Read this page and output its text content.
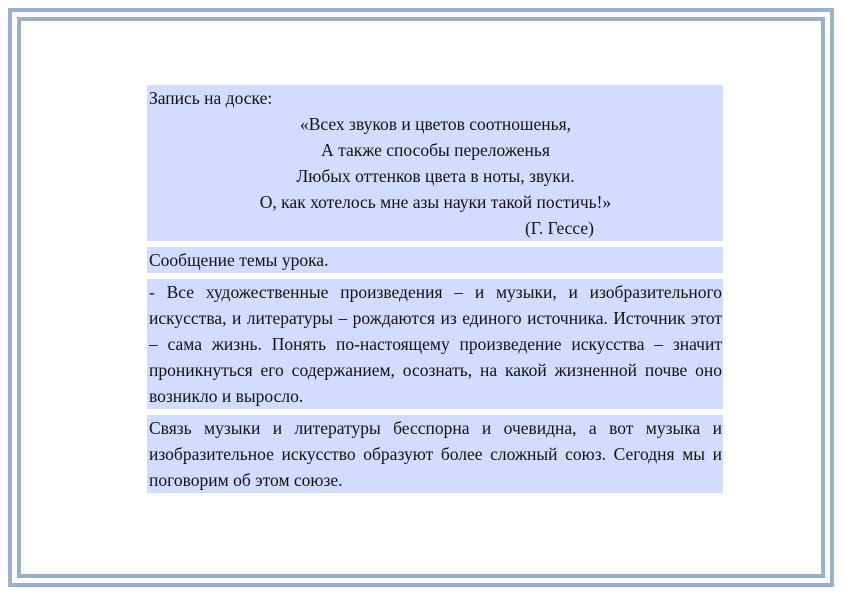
Запись на доске:
«Всех звуков и цветов соотношенья,
А также способы переложенья
Любых оттенков цвета в ноты, звуки.
О, как хотелось мне азы науки такой постичь!»
(Г. Гессе)
Сообщение темы урока.
- Все художественные произведения – и музыки, и изобразительного искусства, и литературы – рождаются из единого источника. Источник этот – сама жизнь. Понять по-настоящему произведение искусства – значит проникнуться его содержанием, осознать, на какой жизненной почве оно возникло и выросло.
Связь музыки и литературы бесспорна и очевидна, а вот музыка и изобразительное искусство образуют более сложный союз. Сегодня мы и поговорим об этом союзе.
